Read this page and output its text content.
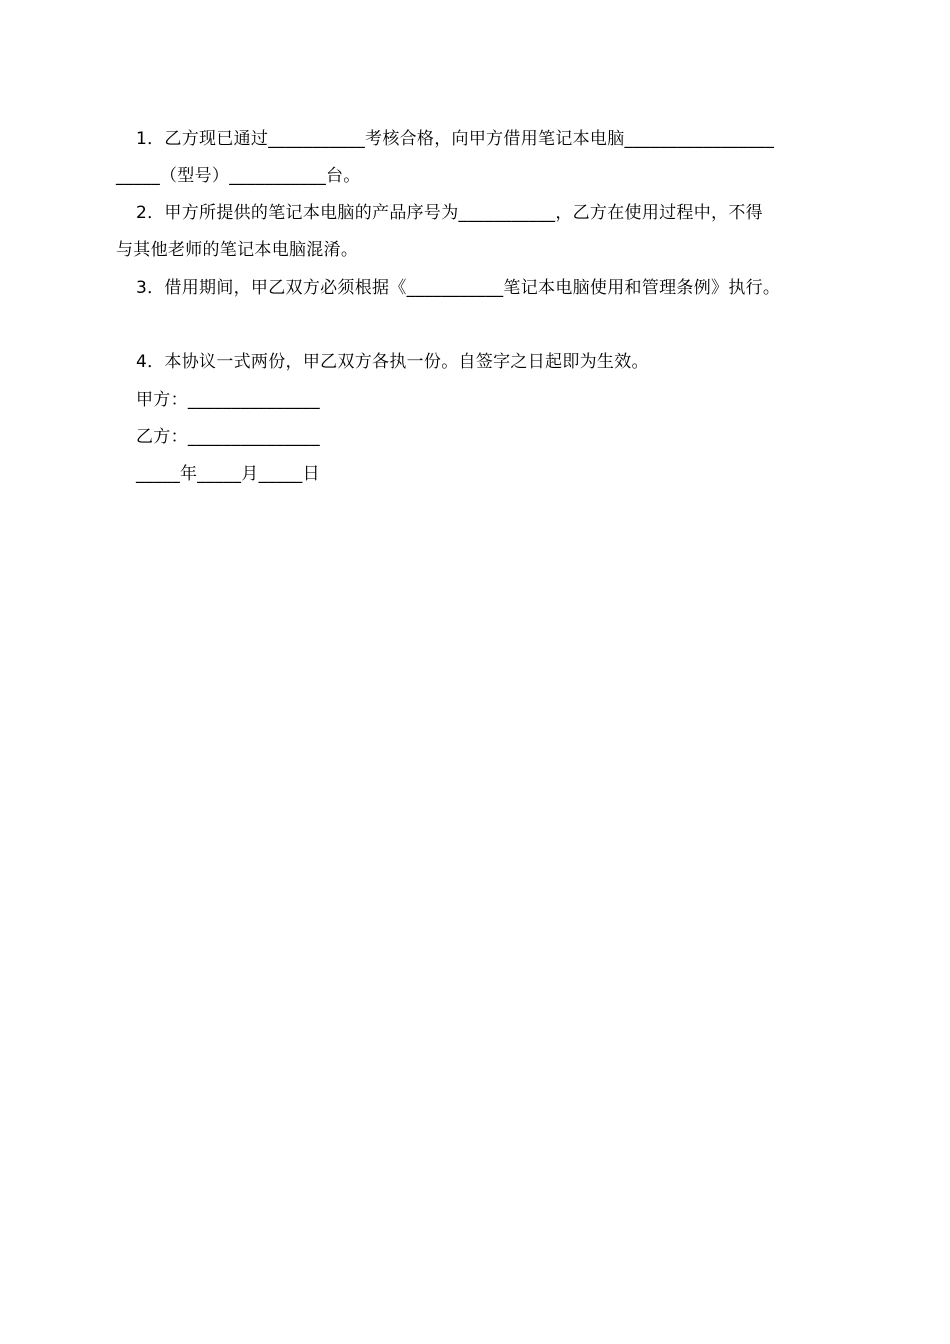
1．乙方现已通过___________考核合格，向甲方借用笔记本电脑_________________
_____（型号）___________台。
2．甲方所提供的笔记本电脑的产品序号为___________，乙方在使用过程中，不得
与其他老师的笔记本电脑混淆。
3．借用期间，甲乙双方必须根据《___________笔记本电脑使用和管理条例》执行。
4．本协议一式两份，甲乙双方各执一份。自签字之日起即为生效。
甲方：_______________
乙方：_______________
_____年_____月_____日
